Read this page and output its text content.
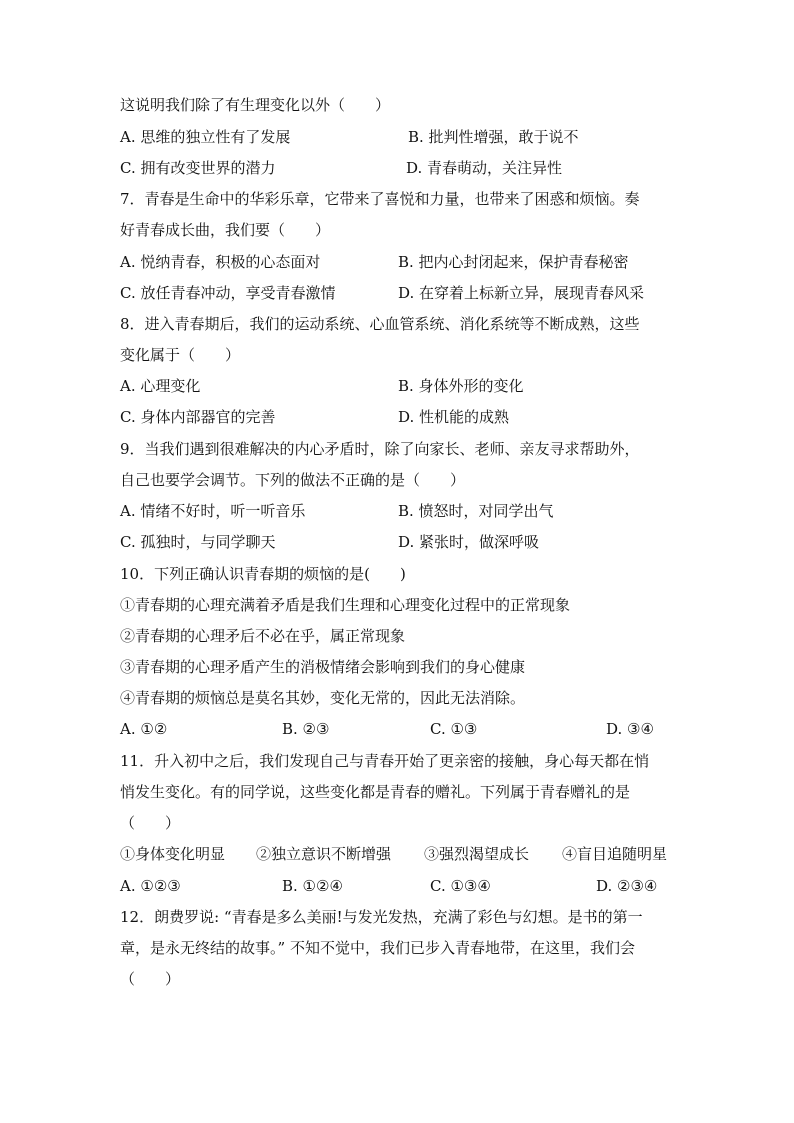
这说明我们除了有生理变化以外（　　）
A. 思维的独立性有了发展	B. 批判性增强，敢于说不
C. 拥有改变世界的潜力	D. 青春萌动，关注异性
7．青春是生命中的华彩乐章，它带来了喜悦和力量，也带来了困惑和烦恼。奏
好青春成长曲，我们要（　　）
A. 悦纳青春，积极的心态面对	B. 把内心封闭起来，保护青春秘密
C. 放任青春冲动，享受青春激情	D. 在穿着上标新立异，展现青春风采
8．进入青春期后，我们的运动系统、心血管系统、消化系统等不断成熟，这些
变化属于（　　）
A. 心理变化	B. 身体外形的变化
C. 身体内部器官的完善	D. 性机能的成熟
9．当我们遇到很难解决的内心矛盾时，除了向家长、老师、亲友寻求帮助外，
自己也要学会调节。下列的做法不正确的是（　　）
A. 情绪不好时，听一听音乐	B. 愤怒时，对同学出气
C. 孤独时，与同学聊天	D. 紧张时，做深呼吸
10．下列正确认识青春期的烦恼的是(　　)
①青春期的心理充满着矛盾是我们生理和心理变化过程中的正常现象
②青春期的心理矛后不必在乎，属正常现象
③青春期的心理矛盾产生的消极情绪会影响到我们的身心健康
④青春期的烦恼总是莫名其妙，变化无常的，因此无法消除。
A. ①②	B. ②③	C. ①③	D. ③④
11．升入初中之后，我们发现自己与青春开始了更亲密的接触，身心每天都在悄
悄发生变化。有的同学说，这些变化都是青春的赠礼。下列属于青春赠礼的是
（　　）
①身体变化明显 ②独立意识不断增强 ③强烈渴望成长 ④盲目追随明星
A. ①②③	B. ①②④	C. ①③④	D. ②③④
12．朗费罗说: “青春是多么美丽!与发光发热，充满了彩色与幻想。是书的第一
章，是永无终结的故事。” 不知不觉中，我们已步入青春地带，在这里，我们会
（　　）
